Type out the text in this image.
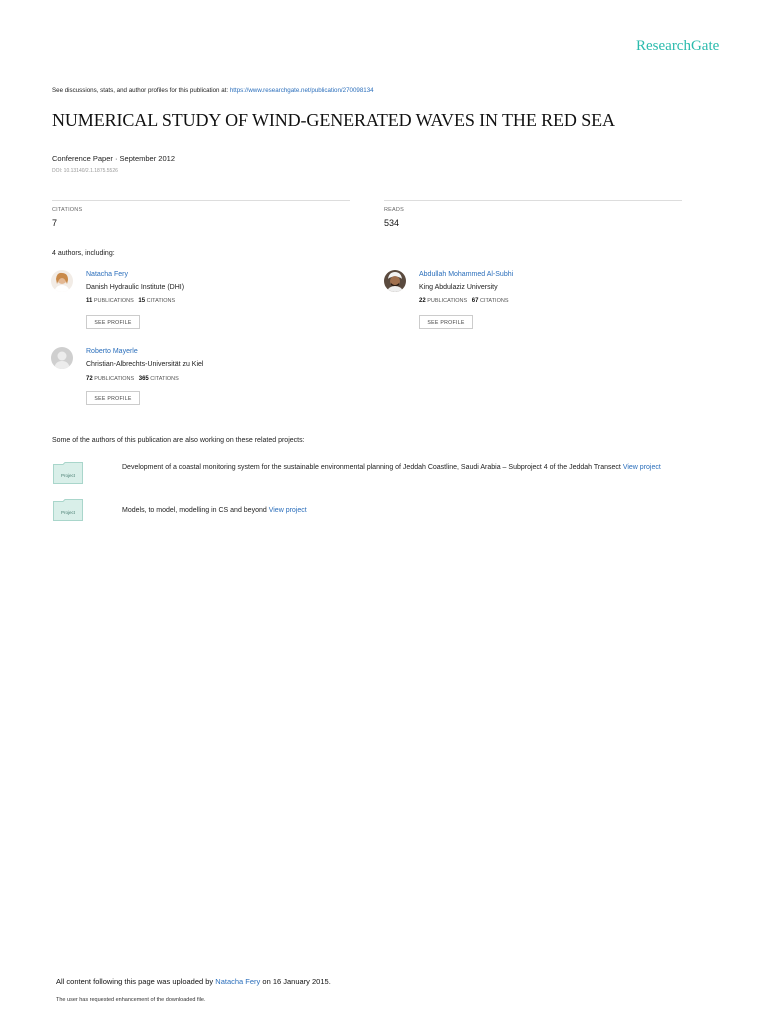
ResearchGate
See discussions, stats, and author profiles for this publication at: https://www.researchgate.net/publication/270098134
NUMERICAL STUDY OF WIND-GENERATED WAVES IN THE RED SEA
Conference Paper · September 2012
DOI: 10.13140/2.1.1875.5526
CITATIONS
7
READS
534
4 authors, including:
Natacha Fery
Danish Hydraulic Institute (DHI)
11 PUBLICATIONS 15 CITATIONS
SEE PROFILE
Abdullah Mohammed Al-Subhi
King Abdulaziz University
22 PUBLICATIONS 67 CITATIONS
SEE PROFILE
Roberto Mayerle
Christian-Albrechts-Universität zu Kiel
72 PUBLICATIONS 365 CITATIONS
SEE PROFILE
Some of the authors of this publication are also working on these related projects:
Project
Development of a coastal monitoring system for the sustainable environmental planning of Jeddah Coastline, Saudi Arabia – Subproject 4 of the Jeddah Transect View project
Project	Models, to model, modelling in CS and beyond View project
All content following this page was uploaded by Natacha Fery on 16 January 2015.
The user has requested enhancement of the downloaded file.
